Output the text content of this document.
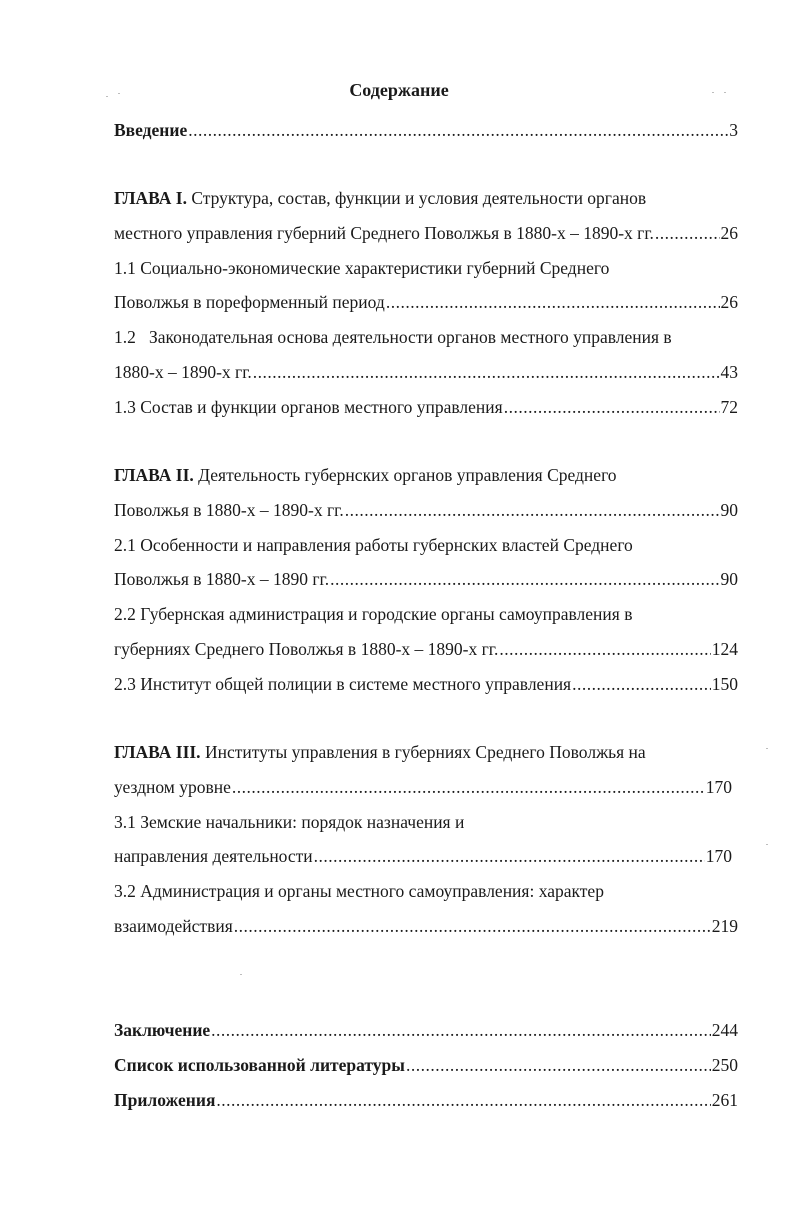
Содержание
Введение .....	3
ГЛАВА I. Структура, состав, функции и условия деятельности органов
местного управления губерний Среднего Поволжья в 1880-х – 1890-х гг. .....	26
1.1 Социально-экономические характеристики губерний Среднего
Поволжья в пореформенный период .....	26
1.2   Законодательная основа деятельности органов местного управления в
1880-х – 1890-х гг. .....	43
1.3 Состав и функции органов местного управления .....	72
ГЛАВА II. Деятельность губернских органов управления Среднего
Поволжья в 1880-х – 1890-х гг. .....	90
2.1 Особенности и направления работы губернских властей Среднего
Поволжья в 1880-х – 1890 гг. .....	90
2.2 Губернская администрация и городские органы самоуправления в
губерниях Среднего Поволжья в 1880-х – 1890-х гг. .....	124
2.3 Институт общей полиции в системе местного управления .....	150
ГЛАВА III. Институты управления в губерниях Среднего Поволжья на
уездном уровне .....	170
3.1 Земские начальники: порядок назначения и
направления деятельности .....	170
3.2 Администрация и органы местного самоуправления: характер
взаимодействия .....	219
Заключение .....	244
Список использованной литературы .....	250
Приложения .....	261
